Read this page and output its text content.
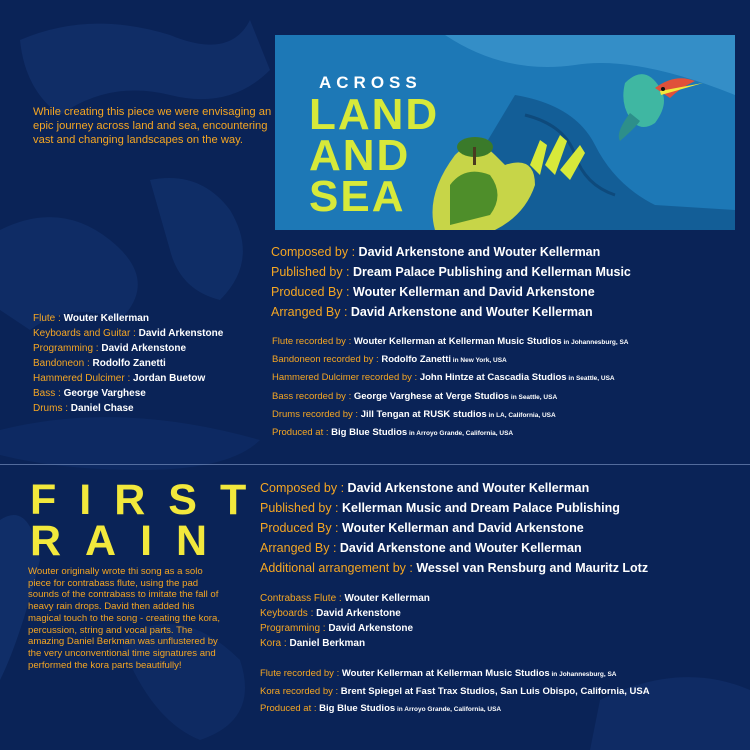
ACROSS
LAND
AND
SEA
While creating this piece we were envisaging an epic journey across land and sea, encountering vast and changing landscapes on the way.
Composed by : David Arkenstone and Wouter Kellerman
Published by : Dream Palace Publishing and Kellerman Music
Produced By : Wouter Kellerman and David Arkenstone
Arranged By : David Arkenstone and Wouter Kellerman
Flute : Wouter Kellerman
Keyboards and Guitar : David Arkenstone
Programming : David Arkenstone
Bandoneon : Rodolfo Zanetti
Hammered Dulcimer : Jordan Buetow
Bass : George Varghese
Drums : Daniel Chase
Flute recorded by : Wouter Kellerman at Kellerman Music Studios in Johannesburg, SA
Bandoneon recorded by : Rodolfo Zanetti in New York, USA
Hammered Dulcimer recorded by : John Hintze at Cascadia Studios in Seattle, USA
Bass recorded by : George Varghese at Verge Studios in Seattle, USA
Drums recorded by : Jill Tengan at RUSK studios in LA, California, USA
Produced at : Big Blue Studios in Arroyo Grande, California, USA
FIRST
RAIN
Wouter originally wrote thi song as a solo piece for contrabass flute, using the pad sounds of the contrabass to imitate the fall of heavy rain drops. David then added his magical touch to the song - creating the kora, percussion, string and vocal parts. The amazing Daniel Berkman was unflustered by the very unconventional time signatures and performed the kora parts beautifully!
Composed by : David Arkenstone and Wouter Kellerman
Published by : Kellerman Music and Dream Palace Publishing
Produced By : Wouter Kellerman and David Arkenstone
Arranged By : David Arkenstone and Wouter Kellerman
Additional arrangement by : Wessel van Rensburg and Mauritz Lotz
Contrabass Flute : Wouter Kellerman
Keyboards : David Arkenstone
Programming : David Arkenstone
Kora : Daniel Berkman
Flute recorded by : Wouter Kellerman at Kellerman Music Studios in Johannesburg, SA
Kora recorded by : Brent Spiegel at Fast Trax Studios, San Luis Obispo, California, USA
Produced at : Big Blue Studios in Arroyo Grande, California, USA
